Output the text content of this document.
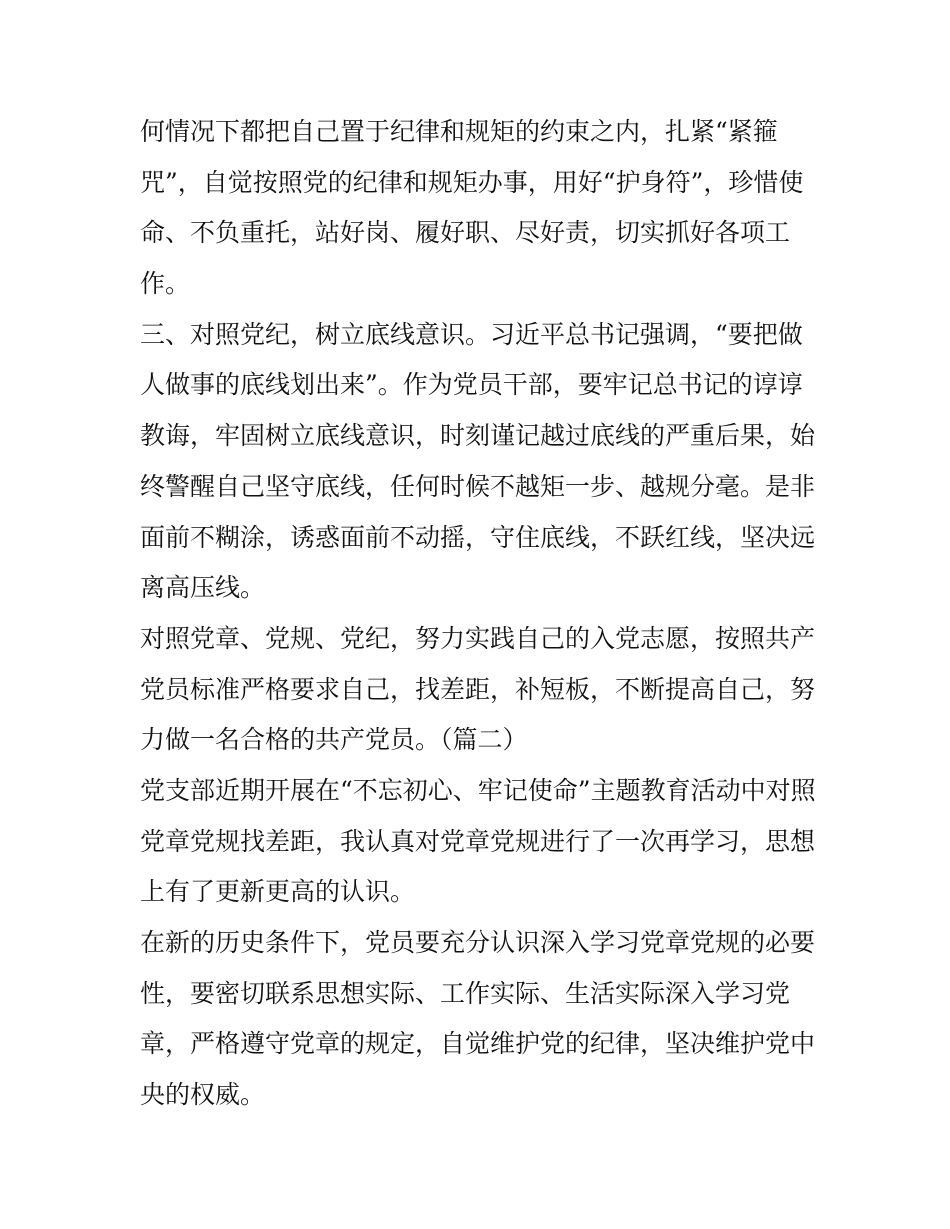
何情况下都把自己置于纪律和规矩的约束之内，扎紧“紧箍
咒”，自觉按照党的纪律和规矩办事，用好“护身符”，珍惜使
命、不负重托，站好岗、履好职、尽好责，切实抓好各项工
作。
三、对照党纪，树立底线意识。习近平总书记强调，“要把做
人做事的底线划出来”。作为党员干部，要牢记总书记的谆谆
教诲，牢固树立底线意识，时刻谨记越过底线的严重后果，始
终警醒自己坚守底线，任何时候不越矩一步、越规分毫。是非
面前不糊涂，诱惑面前不动摇，守住底线，不跃红线，坚决远
离高压线。
对照党章、党规、党纪，努力实践自己的入党志愿，按照共产
党员标准严格要求自己，找差距，补短板，不断提高自己，努
力做一名合格的共产党员。（篇二）
党支部近期开展在“不忘初心、牢记使命”主题教育活动中对照
党章党规找差距，我认真对党章党规进行了一次再学习，思想
上有了更新更高的认识。
在新的历史条件下，党员要充分认识深入学习党章党规的必要
性，要密切联系思想实际、工作实际、生活实际深入学习党
章，严格遵守党章的规定，自觉维护党的纪律，坚决维护党中
央的权威。
